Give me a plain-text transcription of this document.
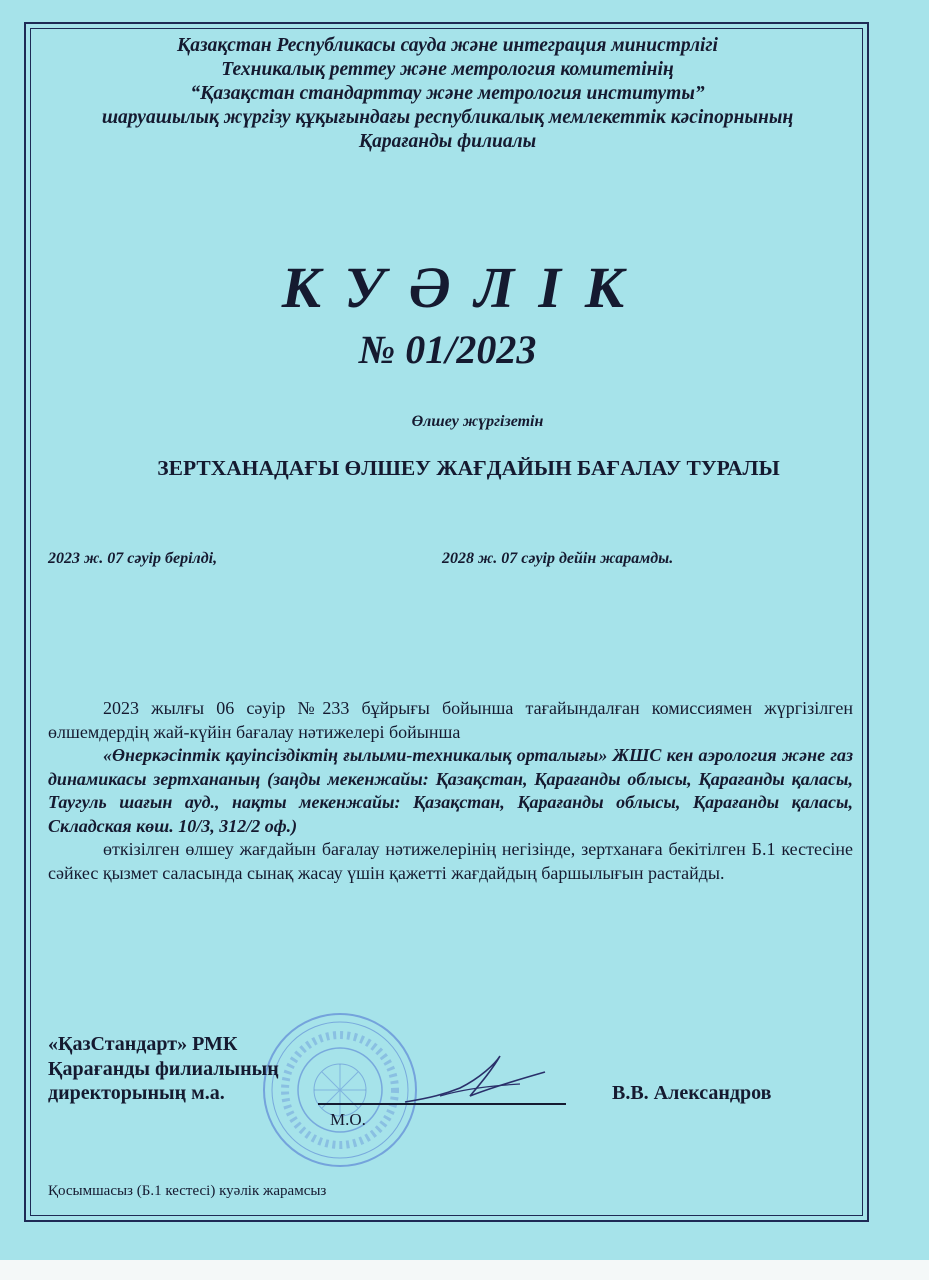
Қазақстан Республикасы сауда және интеграция министрлігі
Техникалық реттеу және метрология комитетінің
“Қазақстан стандарттау және метрология институты”
шаруашылық жүргізу құқығындағы республикалық мемлекеттік кәсіпорнының
Қарағанды филиалы
КУӘЛІК
№ 01/2023
Өлшеу жүргізетін
ЗЕРТХАНАДАҒЫ ӨЛШЕУ ЖАҒДАЙЫН БАҒАЛАУ ТУРАЛЫ
2023 ж. 07 сәуір берілді,	2028 ж. 07 сәуір дейін жарамды.

2023 жылғы 06 сәуір №233 бұйрығы бойынша тағайындалған комиссиямен жүргізілген өлшемдердің жай-күйін бағалау нәтижелері бойынша

«Өнеркәсіптік қауіпсіздіктің ғылыми-техникалық орталығы» ЖШС кен аэрология және газ динамикасы зертхананың (заңды мекенжайы: Қазақстан, Қарағанды облысы, Қарағанды қаласы, Таугуль шағын ауд., нақты мекенжайы: Қазақстан, Қарағанды облысы, Қарағанды қаласы, Складская көш. 10/3, 312/2 оф.)

өткізілген өлшеу жағдайын бағалау нәтижелерінің негізінде, зертханаға бекітілген Б.1 кестесіне сәйкес қызмет саласында сынақ жасау үшін қажетті жағдайдың баршылығын растайды.

«ҚазСтандарт» РМК
Қарағанды филиалының
директорының м.а.
М.О.
В.В. Александров
Қосымшасыз (Б.1 кестесі) куәлік жарамсыз
